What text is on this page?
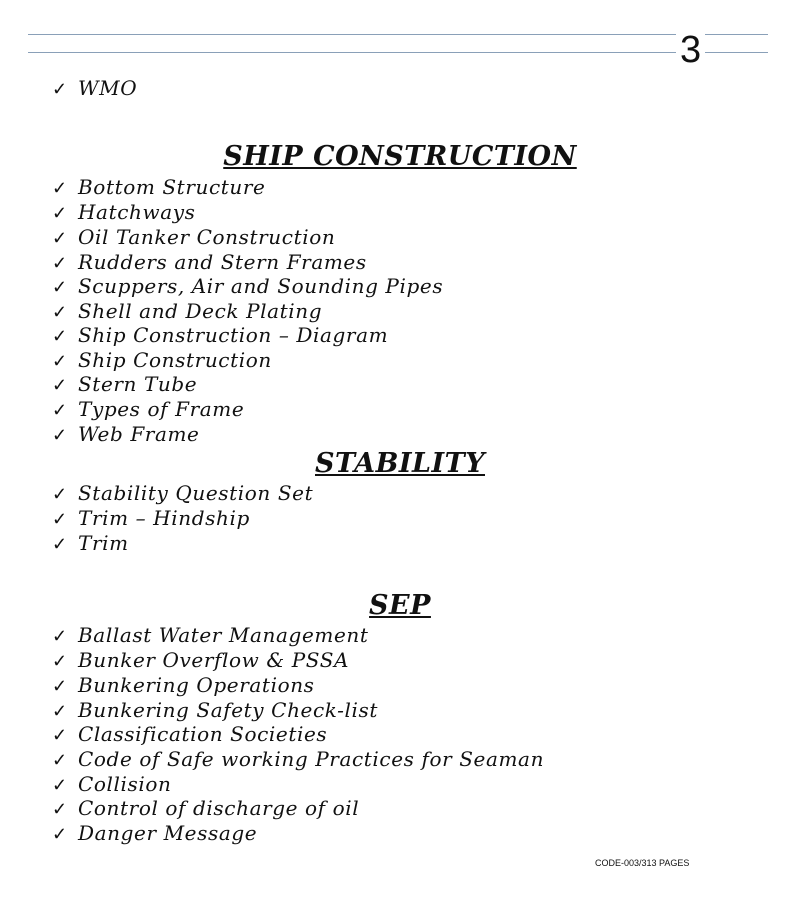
3
✓ WMO
SHIP CONSTRUCTION
✓ Bottom Structure
✓ Hatchways
✓ Oil Tanker Construction
✓ Rudders and Stern Frames
✓ Scuppers, Air and Sounding Pipes
✓ Shell and Deck Plating
✓ Ship Construction – Diagram
✓ Ship Construction
✓ Stern Tube
✓ Types of Frame
✓ Web Frame
STABILITY
✓ Stability Question Set
✓ Trim – Hindship
✓ Trim
SEP
✓ Ballast Water Management
✓ Bunker Overflow & PSSA
✓ Bunkering Operations
✓ Bunkering Safety Check-list
✓ Classification Societies
✓ Code of Safe working Practices for Seaman
✓ Collision
✓ Control of discharge of oil
✓ Danger Message
CODE-003/313 PAGES
